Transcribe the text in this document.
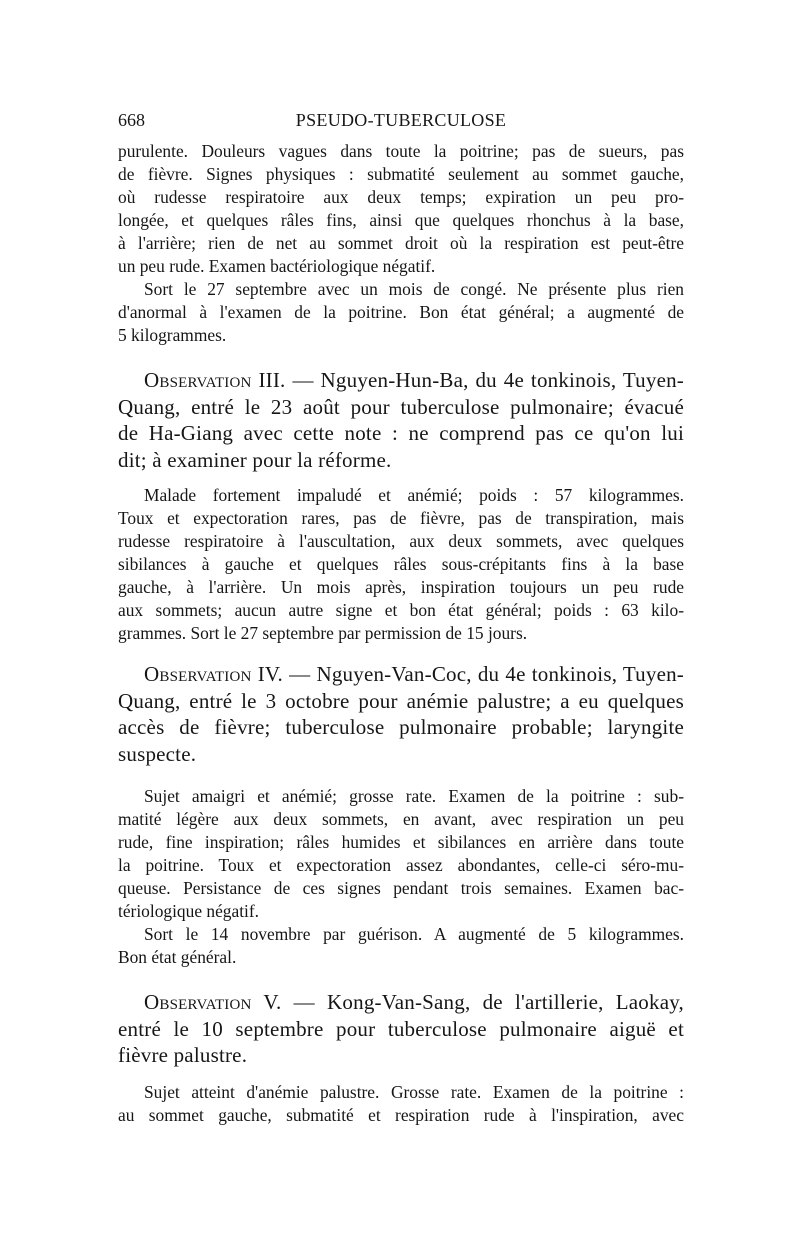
668	PSEUDO-TUBERCULOSE
purulente. Douleurs vagues dans toute la poitrine; pas de sueurs, pas
de fièvre. Signes physiques : submatité seulement au sommet gauche,
où rudesse respiratoire aux deux temps; expiration un peu pro-
longée, et quelques râles fins, ainsi que quelques rhonchus à la base,
à l'arrière; rien de net au sommet droit où la respiration est peut-être
un peu rude. Examen bactériologique négatif.
Sort le 27 septembre avec un mois de congé. Ne présente plus rien
d'anormal à l'examen de la poitrine. Bon état général; a augmenté de
5 kilogrammes.
Observation III. — Nguyen-Hun-Ba, du 4e tonkinois, Tuyen-
Quang, entré le 23 août pour tuberculose pulmonaire; évacué
de Ha-Giang avec cette note : ne comprend pas ce qu'on lui
dit; à examiner pour la réforme.
Malade fortement impaludé et anémié; poids : 57 kilogrammes.
Toux et expectoration rares, pas de fièvre, pas de transpiration, mais
rudesse respiratoire à l'auscultation, aux deux sommets, avec quelques
sibilances à gauche et quelques râles sous-crépitants fins à la base
gauche, à l'arrière. Un mois après, inspiration toujours un peu rude
aux sommets; aucun autre signe et bon état général; poids : 63 kilo-
grammes. Sort le 27 septembre par permission de 15 jours.
Observation IV. — Nguyen-Van-Coc, du 4e tonkinois, Tuyen-
Quang, entré le 3 octobre pour anémie palustre; a eu quelques
accès de fièvre; tuberculose pulmonaire probable; laryngite
suspecte.
Sujet amaigri et anémié; grosse rate. Examen de la poitrine : sub-
matité légère aux deux sommets, en avant, avec respiration un peu
rude, fine inspiration; râles humides et sibilances en arrière dans toute
la poitrine. Toux et expectoration assez abondantes, celle-ci séro-mu-
queuse. Persistance de ces signes pendant trois semaines. Examen bac-
tériologique négatif.
Sort le 14 novembre par guérison. A augmenté de 5 kilogrammes.
Bon état général.
Observation V. — Kong-Van-Sang, de l'artillerie, Laokay,
entré le 10 septembre pour tuberculose pulmonaire aiguë et
fièvre palustre.
Sujet atteint d'anémie palustre. Grosse rate. Examen de la poitrine :
au sommet gauche, submatité et respiration rude à l'inspiration, avec
